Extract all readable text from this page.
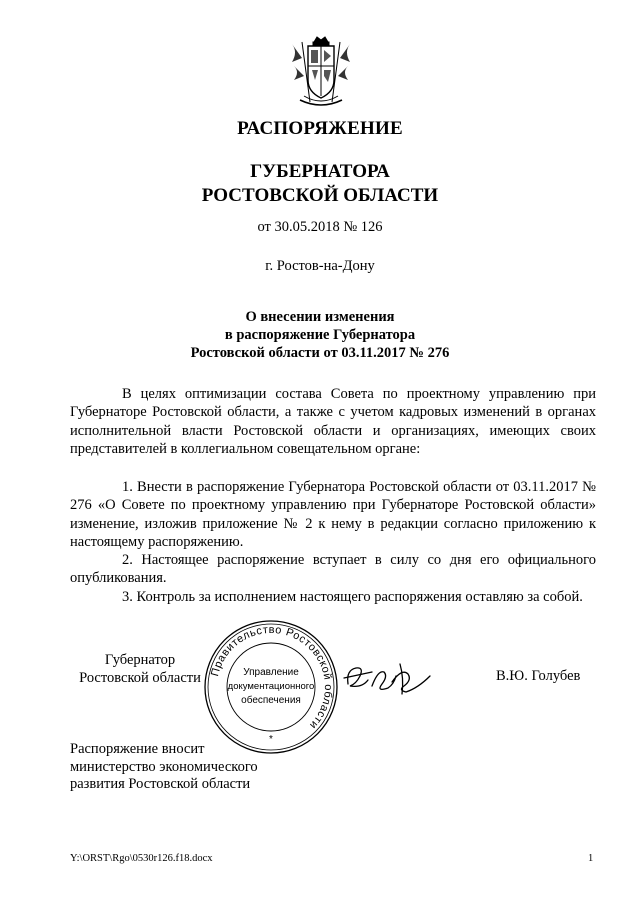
РАСПОРЯЖЕНИЕ
ГУБЕРНАТОРА
РОСТОВСКОЙ ОБЛАСТИ
от 30.05.2018 № 126
г. Ростов-на-Дону
О внесении изменения
в распоряжение Губернатора
Ростовской области от 03.11.2017 № 276
В целях оптимизации состава Совета по проектному управлению при Губернаторе Ростовской области, а также с учетом кадровых изменений в органах исполнительной власти Ростовской области и организациях, имеющих своих представителей в коллегиальном совещательном органе:

1. Внести в распоряжение Губернатора Ростовской области от 03.11.2017 № 276 «О Совете по проектному управлению при Губернаторе Ростовской области» изменение, изложив приложение № 2 к нему в редакции согласно приложению к настоящему распоряжению.

2. Настоящее распоряжение вступает в силу со дня его официального опубликования.

3. Контроль за исполнением настоящего распоряжения оставляю за собой.

Губернатор
Ростовской области Правительство Ростовской области
Управление
документационного
обеспечения
*
В.Ю. Голубев
Распоряжение вносит
министерство экономического
развития Ростовской области
Y:\ORST\Rgo\0530r126.f18.docx	1
